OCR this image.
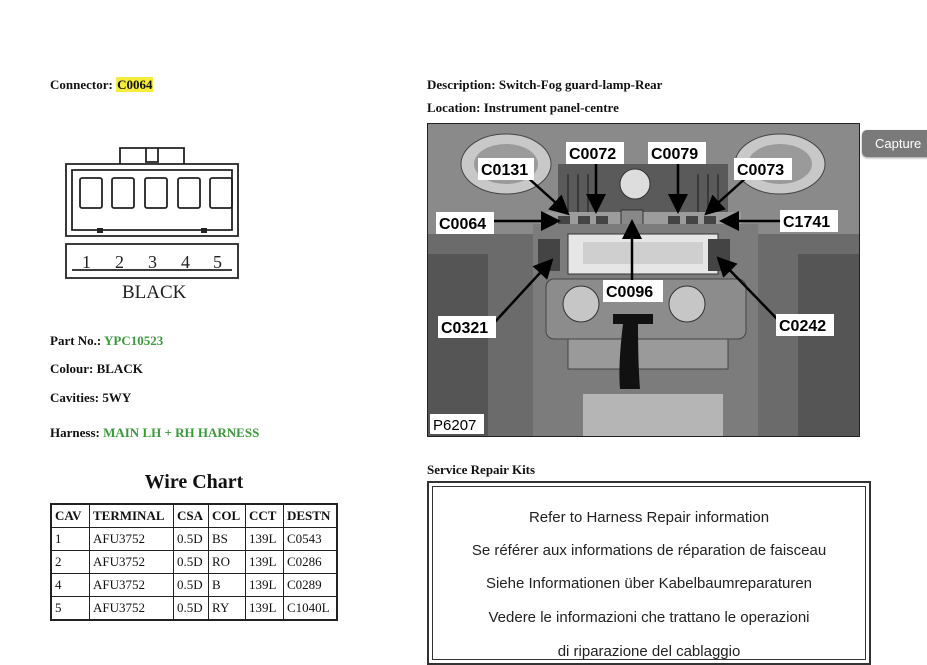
Connector: C0064
1 2 3 4 5
BLACK
Part No.: YPC10523
Colour: BLACK
Cavities: 5WY
Harness: MAIN LH + RH HARNESS
Wire Chart
CAV	TERMINAL	CSA	COL	CCT	DESTN
1	AFU3752	0.5D	BS	139L	C0543
2	AFU3752	0.5D	RO	139L	C0286
4	AFU3752	0.5D	B	139L	C0289
5	AFU3752	0.5D	RY	139L	C1040L
Description: Switch-Fog guard-lamp-Rear
Location: Instrument panel-centre
C0131
C0072 C0079
C0073
C0064	C1741
C0096
C0321	C0242
P6207
Capture
Service Repair Kits
Refer to Harness Repair information
Se référer aux informations de réparation de faisceau
Siehe Informationen über Kabelbaumreparaturen
Vedere le informazioni che trattano le operazioni
di riparazione del cablaggio
